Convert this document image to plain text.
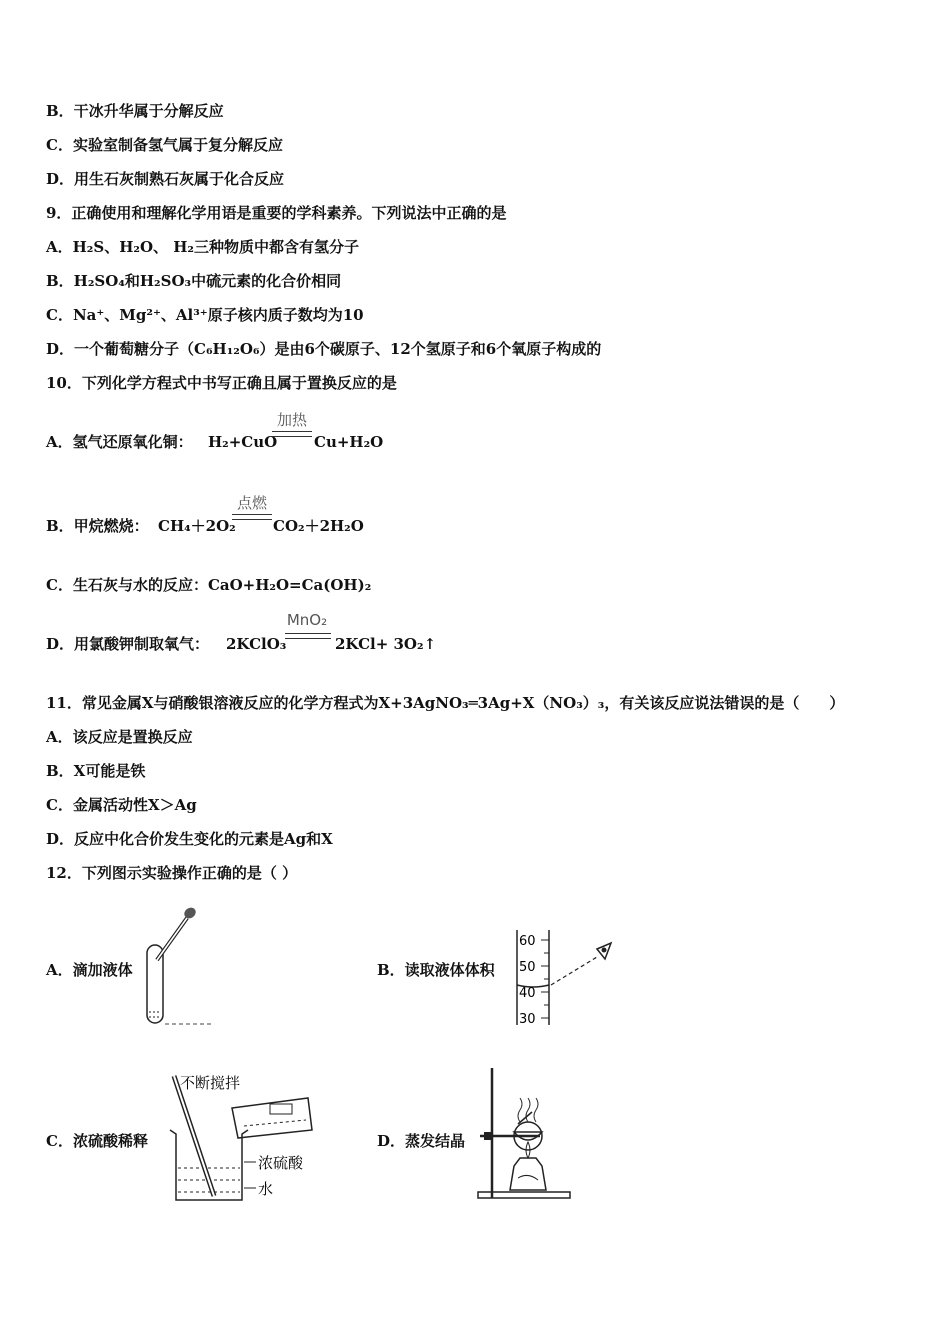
B．干冰升华属于分解反应
C．实验室制备氢气属于复分解反应
D．用生石灰制熟石灰属于化合反应
9．正确使用和理解化学用语是重要的学科素养。下列说法中正确的是
A．H₂S、H₂O、 H₂三种物质中都含有氢分子
B．H₂SO₄和H₂SO₃中硫元素的化合价相同
C．Na⁺、Mg²⁺、Al³⁺原子核内质子数均为10
D．一个葡萄糖分子（C₆H₁₂O₆）是由6个碳原子、12个氢原子和6个氧原子构成的
10．下列化学方程式中书写正确且属于置换反应的是
A．氢气还原氧化铜： H₂+CuO
加热
Cu+H₂O
B．甲烷燃烧： CH₄＋2O₂
点燃
CO₂＋2H₂O
C．生石灰与水的反应：CaO+H₂O=Ca(OH)₂
D．用氯酸钾制取氧气： 2KClO₃
MnO₂
2KCl+ 3O₂↑
11．常见金属X与硝酸银溶液反应的化学方程式为X+3AgNO₃═3Ag+X（NO₃）₃，有关该反应说法错误的是（　　）
A．该反应是置换反应
B．X可能是铁
C．金属活动性X＞Ag
D．反应中化合价发生变化的元素是Ag和X
12．下列图示实验操作正确的是（ ）
A．滴加液体	B．读取液体体积
C．浓硫酸稀释	D．蒸发结晶
60
50
40
30
不断搅拌
浓硫酸
水
